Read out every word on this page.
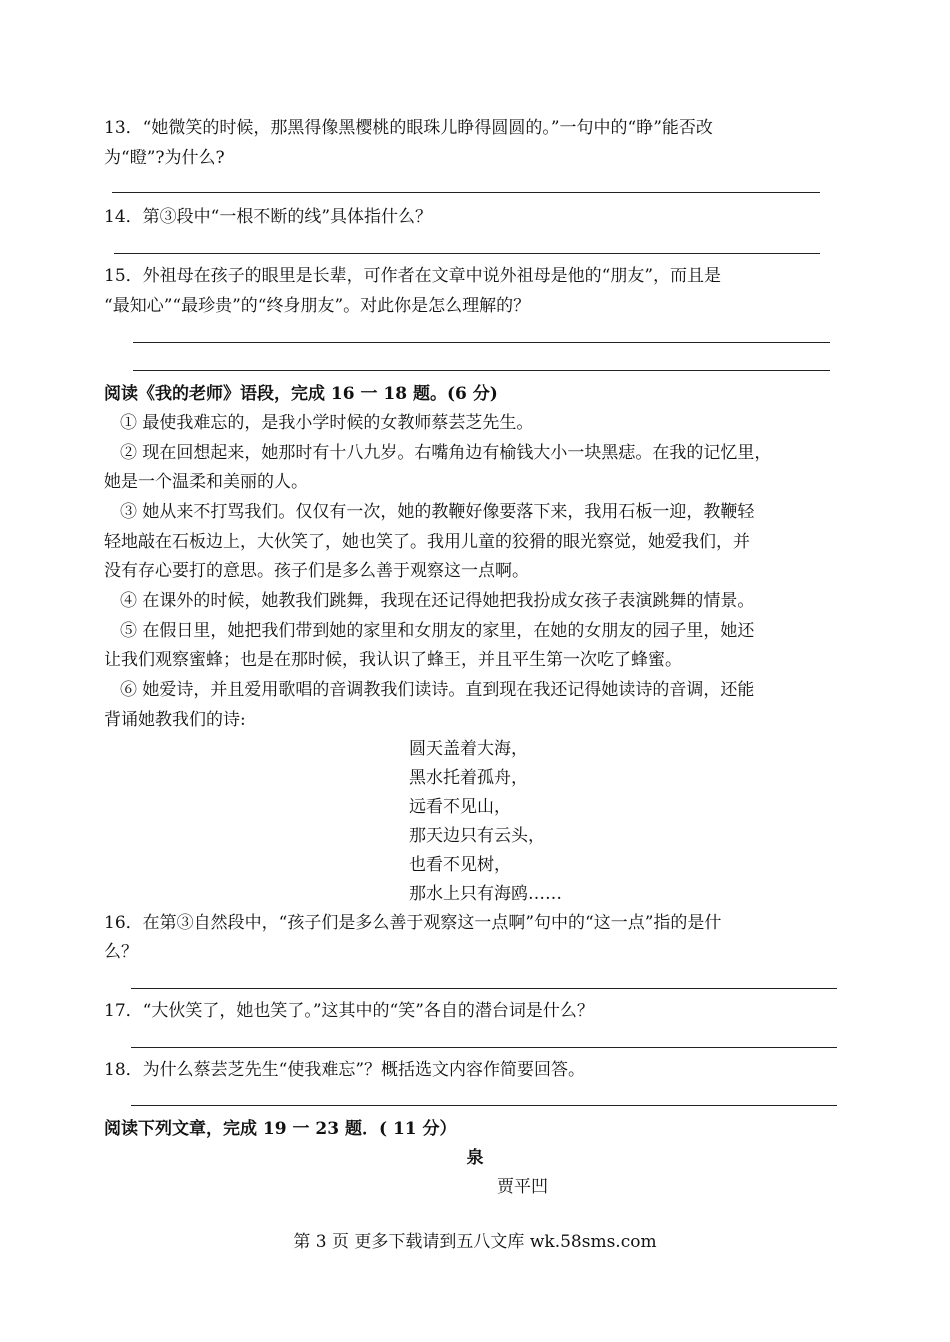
13．“她微笑的时候，那黑得像黑樱桃的眼珠儿睁得圆圆的。”一句中的“睁”能否改
为“瞪”?为什么?
14．第③段中“一根不断的线”具体指什么？
15．外祖母在孩子的眼里是长辈，可作者在文章中说外祖母是他的“朋友”，而且是
“最知心”“最珍贵”的“终身朋友”。对此你是怎么理解的？
阅读《我的老师》语段，完成 16 一 18 题。(6 分)
① 最使我难忘的，是我小学时候的女教师蔡芸芝先生。
② 现在回想起来，她那时有十八九岁。右嘴角边有榆钱大小一块黑痣。在我的记忆里，
她是一个温柔和美丽的人。
③ 她从来不打骂我们。仅仅有一次，她的教鞭好像要落下来，我用石板一迎，教鞭轻
轻地敲在石板边上，大伙笑了，她也笑了。我用儿童的狡猾的眼光察觉，她爱我们，并
没有存心要打的意思。孩子们是多么善于观察这一点啊。
④ 在课外的时候，她教我们跳舞，我现在还记得她把我扮成女孩子表演跳舞的情景。
⑤ 在假日里，她把我们带到她的家里和女朋友的家里，在她的女朋友的园子里，她还
让我们观察蜜蜂；也是在那时候，我认识了蜂王，并且平生第一次吃了蜂蜜。
⑥ 她爱诗，并且爱用歌唱的音调教我们读诗。直到现在我还记得她读诗的音调，还能
背诵她教我们的诗:
圆天盖着大海，
黑水托着孤舟，
远看不见山，
那天边只有云头，
也看不见树，
那水上只有海鸥……
16．在第③自然段中，“孩子们是多么善于观察这一点啊”句中的“这一点”指的是什
么？
17．“大伙笑了，她也笑了。”这其中的“笑”各自的潜台词是什么？
18．为什么蔡芸芝先生“使我难忘”？概括选文内容作简要回答。
阅读下列文章，完成 19 一 23 题．( 11 分）
泉
贾平凹
第 3 页 更多下载请到五八文库 wk.58sms.com
